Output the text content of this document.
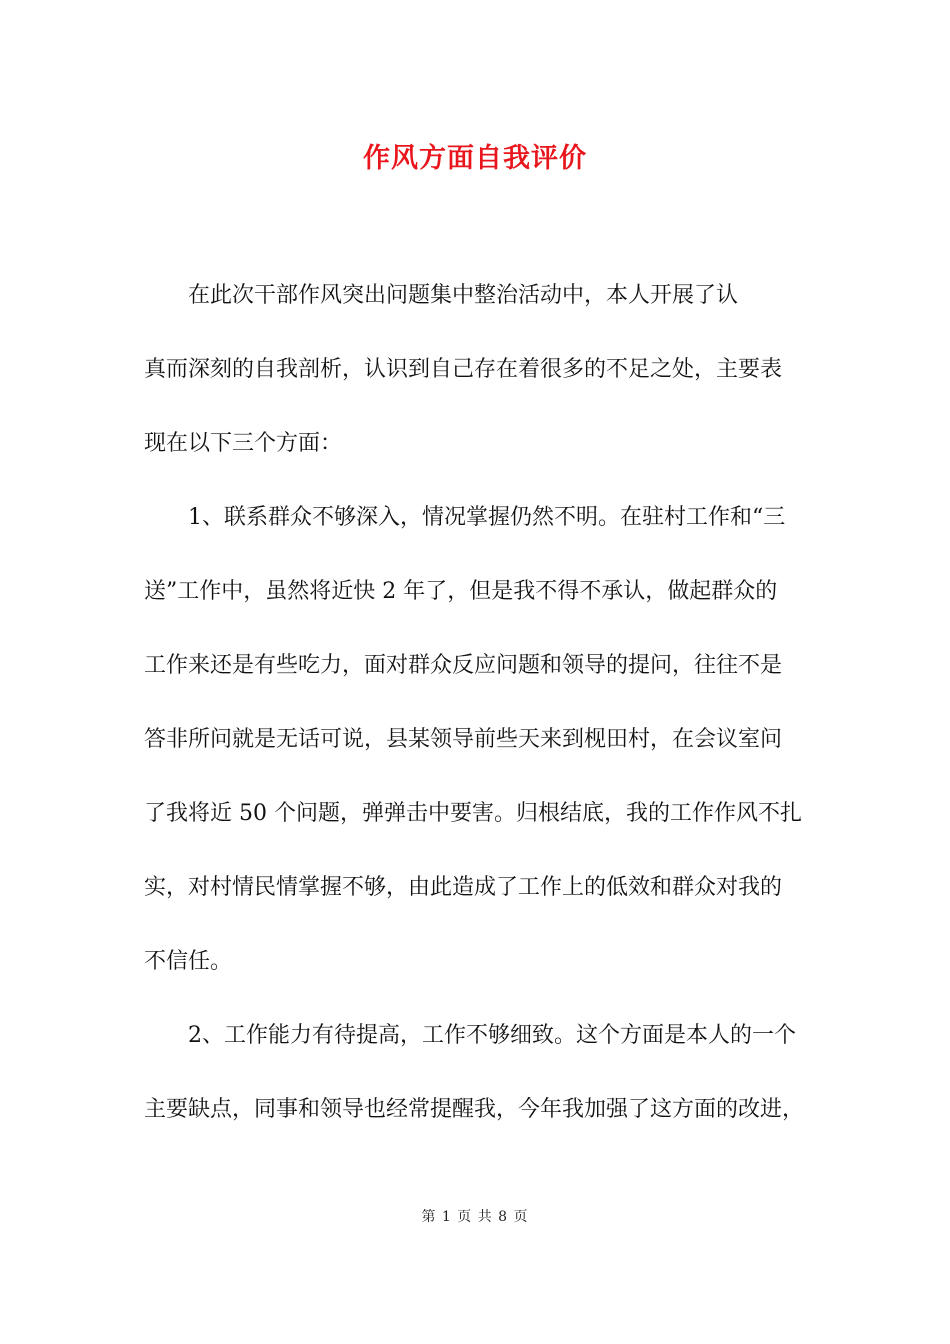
作风方面自我评价
　　在此次干部作风突出问题集中整治活动中，本人开展了认
真而深刻的自我剖析，认识到自己存在着很多的不足之处，主要表
现在以下三个方面：
　　1、联系群众不够深入，情况掌握仍然不明。在驻村工作和“三
送”工作中，虽然将近快 2 年了，但是我不得不承认，做起群众的
工作来还是有些吃力，面对群众反应问题和领导的提问，往往不是
答非所问就是无话可说，县某领导前些天来到枧田村，在会议室问
了我将近 50 个问题，弹弹击中要害。归根结底，我的工作作风不扎
实，对村情民情掌握不够，由此造成了工作上的低效和群众对我的
不信任。
　　2、工作能力有待提高，工作不够细致。这个方面是本人的一个
主要缺点，同事和领导也经常提醒我，今年我加强了这方面的改进，
第 1 页 共 8 页
